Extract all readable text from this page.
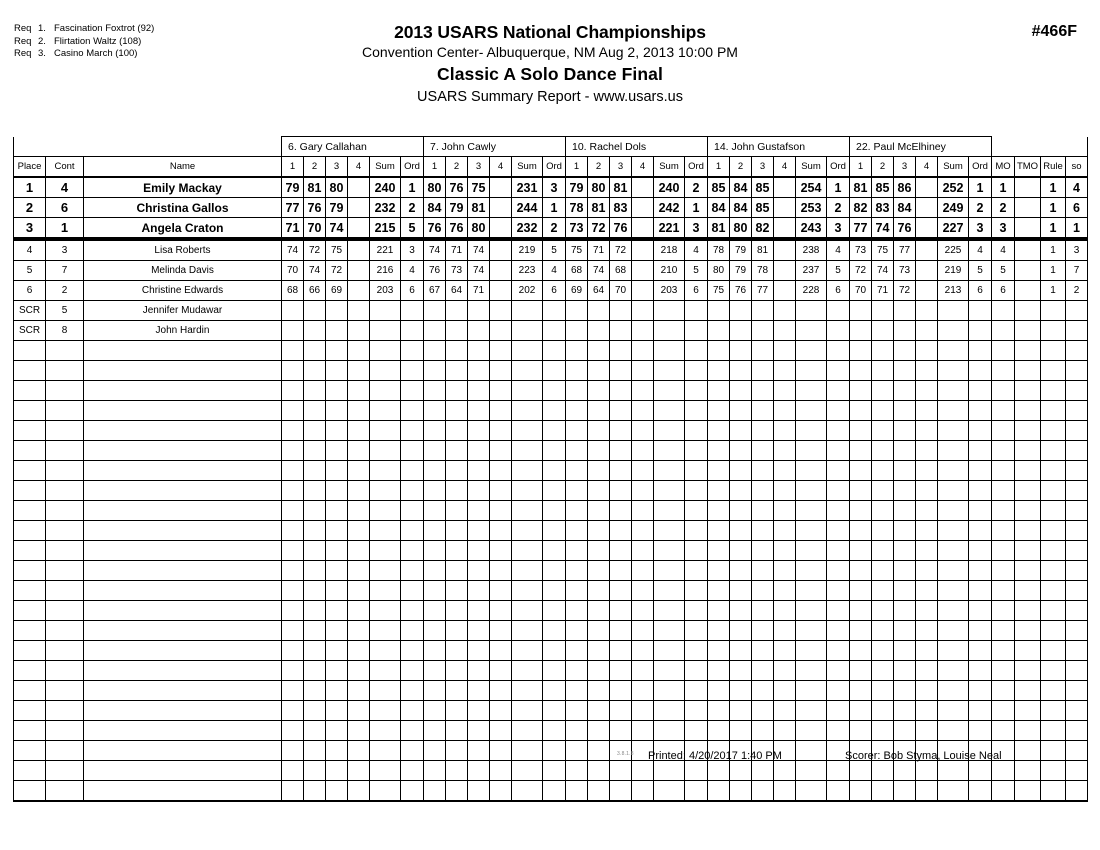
Req 1. Fascination Foxtrot (92)
Req 2. Flirtation Waltz (108)
Req 3. Casino March (100)
2013 USARS National Championships
Convention Center- Albuquerque, NM Aug 2, 2013 10:00 PM
Classic A Solo Dance Final
USARS Summary Report - www.usars.us
#466F
			6. Gary Callahan						7. John Cawly						10. Rachel Dols						14. John Gustafson						22. Paul McElhiney									
Place	Cont	Name	1	2	3	4	Sum	Ord	1	2	3	4	Sum	Ord	1	2	3	4	Sum	Ord	1	2	3	4	Sum	Ord	1	2	3	4	Sum	Ord	MO	TMO	Rule	so
1	4	Emily Mackay	79	81	80		240	1	80	76	75		231	3	79	80	81		240	2	85	84	85		254	1	81	85	86		252	1	1		1	4
2	6	Christina Gallos	77	76	79		232	2	84	79	81		244	1	78	81	83		242	1	84	84	85		253	2	82	83	84		249	2	2		1	6
3	1	Angela Craton	71	70	74		215	5	76	76	80		232	2	73	72	76		221	3	81	80	82		243	3	77	74	76		227	3	3		1	1
4	3	Lisa Roberts	74	72	75		221	3	74	71	74		219	5	75	71	72		218	4	78	79	81		238	4	73	75	77		225	4	4		1	3
5	7	Melinda Davis	70	74	72		216	4	76	73	74		223	4	68	74	68		210	5	80	79	78		237	5	72	74	73		219	5	5		1	7
6	2	Christine Edwards	68	66	69		203	6	67	64	71		202	6	69	64	70		203	6	75	76	77		228	6	70	71	72		213	6	6		1	2
SCR	5	Jennifer Mudawar																																		
SCR	8	John Hardin																																		

3.8.1.8 Printed: 4/20/2017 1:40 PM	Scorer: Bob Styma, Louise Neal
